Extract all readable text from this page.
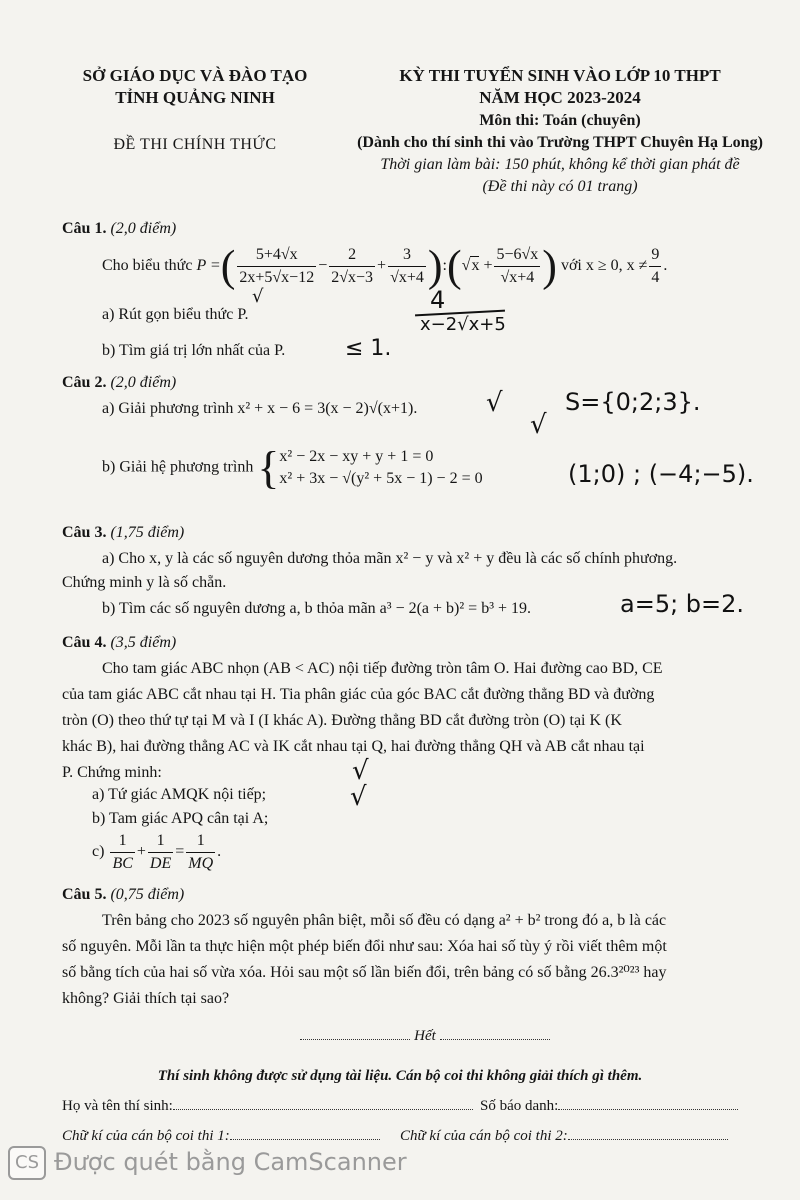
SỞ GIÁO DỤC VÀ ĐÀO TẠO
TỈNH QUẢNG NINH
ĐỀ THI CHÍNH THỨC
KỲ THI TUYỂN SINH VÀO LỚP 10 THPT
NĂM HỌC 2023-2024
Môn thi: Toán (chuyên)
(Dành cho thí sinh thi vào Trường THPT Chuyên Hạ Long)
Thời gian làm bài: 150 phút, không kể thời gian phát đề
(Đề thi này có 01 trang)
Câu 1. (2,0 điểm)
Cho biểu thức P =( $\frac{5+4√x}{2x+5√x-12} - \frac{2}{2√x-3} + \frac{3}{√x+4}$ ):(√x + $\frac{5-6√x}{√x+4}$ ) với x ≥ 0, $x \ne \frac{9}{4}$ .
a) Rút gọn biểu thức P.
b) Tìm giá trị lớn nhất của P.
4
x−2√x+5
≤ 1.
√
Câu 2. (2,0 điểm)
a) Giải phương trình x² + x − 6 = 3(x − 2)√(x+1).
b) Giải hệ phương trình { x² − 2x − xy + y + 1 = 0
x² + 3x − √(y² + 5x − 1) − 2 = 0
√
√
S={0;2;3}.
(1;0) ; (−4;−5).
Câu 3. (1,75 điểm)
a) Cho x, y là các số nguyên dương thỏa mãn x² − y và x² + y đều là các số chính phương.
Chứng minh y là số chẵn.
b) Tìm các số nguyên dương a, b thỏa mãn a³ − 2(a + b)² = b³ + 19.	a=5; b=2.
Câu 4. (3,5 điểm)
Cho tam giác ABC nhọn (AB < AC) nội tiếp đường tròn tâm O. Hai đường cao BD, CE
của tam giác ABC cắt nhau tại H. Tia phân giác của góc BAC cắt đường thẳng BD và đường
tròn (O) theo thứ tự tại M và I (I khác A). Đường thẳng BD cắt đường tròn (O) tại K (K
khác B), hai đường thẳng AC và IK cắt nhau tại Q, hai đường thẳng QH và AB cắt nhau tại
P. Chứng minh:
a) Tứ giác AMQK nội tiếp;
b) Tam giác APQ cân tại A;
$c) \frac{1}{BC} + \frac{1}{DE} = \frac{1}{MQ}$ .
√
√
Câu 5. (0,75 điểm)
Trên bảng cho 2023 số nguyên phân biệt, mỗi số đều có dạng a² + b² trong đó a, b là các
số nguyên. Mỗi lần ta thực hiện một phép biến đổi như sau: Xóa hai số tùy ý rồi viết thêm một
số bằng tích của hai số vừa xóa. Hỏi sau một số lần biến đổi, trên bảng có số bằng 26.3²⁰²³ hay
không? Giải thích tại sao?
Hết
Thí sinh không được sử dụng tài liệu. Cán bộ coi thi không giải thích gì thêm.
Họ và tên thí sinh:	Số báo danh:
Chữ kí của cán bộ coi thi 1:	Chữ kí của cán bộ coi thi 2:
CS Được quét bằng CamScanner
